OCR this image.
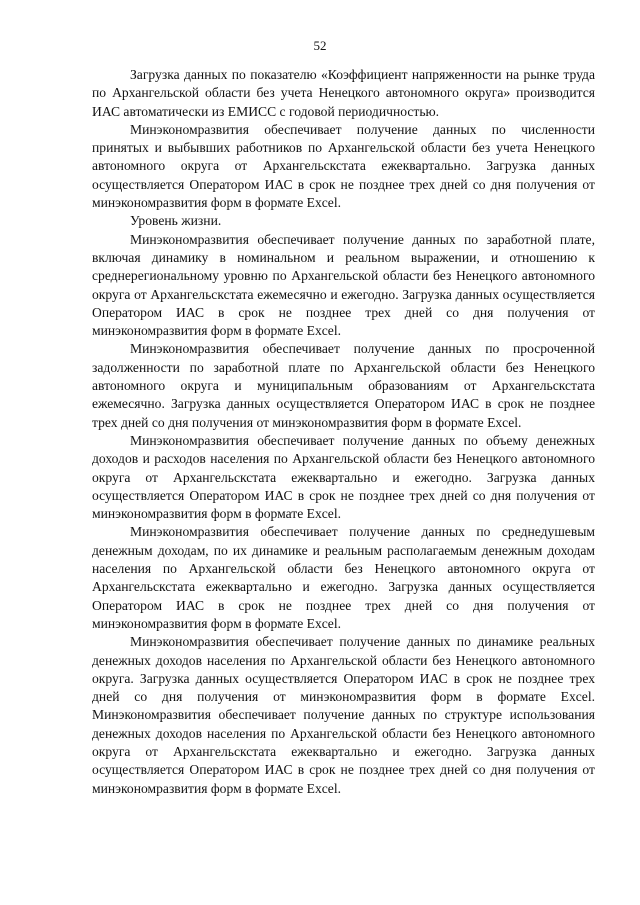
52

Загрузка данных по показателю «Коэффициент напряженности на рынке труда по Архангельской области без учета Ненецкого автономного округа» производится ИАС автоматически из ЕМИСС с годовой периодичностью.

Минэкономразвития обеспечивает получение данных по численности принятых и выбывших работников по Архангельской области без учета Ненецкого автономного округа от Архангельскстата ежеквартально. Загрузка данных осуществляется Оператором ИАС в срок не позднее трех дней со дня получения от минэкономразвития форм в формате Excel.

Уровень жизни.

Минэкономразвития обеспечивает получение данных по заработной плате, включая динамику в номинальном и реальном выражении, и отношению к среднерегиональному уровню по Архангельской области без Ненецкого автономного округа от Архангельскстата ежемесячно и ежегодно. Загрузка данных осуществляется Оператором ИАС в срок не позднее трех дней со дня получения от минэкономразвития форм в формате Excel.

Минэкономразвития обеспечивает получение данных по просроченной задолженности по заработной плате по Архангельской области без Ненецкого автономного округа и муниципальным образованиям от Архангельскстата ежемесячно. Загрузка данных осуществляется Оператором ИАС в срок не позднее трех дней со дня получения от минэкономразвития форм в формате Excel.

Минэкономразвития обеспечивает получение данных по объему денежных доходов и расходов населения по Архангельской области без Ненецкого автономного округа от Архангельскстата ежеквартально и ежегодно. Загрузка данных осуществляется Оператором ИАС в срок не позднее трех дней со дня получения от минэкономразвития форм в формате Excel.

Минэкономразвития обеспечивает получение данных по среднедушевым денежным доходам, по их динамике и реальным располагаемым денежным доходам населения по Архангельской области без Ненецкого автономного округа от Архангельскстата ежеквартально и ежегодно. Загрузка данных осуществляется Оператором ИАС в срок не позднее трех дней со дня получения от минэкономразвития форм в формате Excel.

Минэкономразвития обеспечивает получение данных по динамике реальных денежных доходов населения по Архангельской области без Ненецкого автономного округа. Загрузка данных осуществляется Оператором ИАС в срок не позднее трех дней со дня получения от минэкономразвития форм в формате Excel. Минэкономразвития обеспечивает получение данных по структуре использования денежных доходов населения по Архангельской области без Ненецкого автономного округа от Архангельскстата ежеквартально и ежегодно. Загрузка данных осуществляется Оператором ИАС в срок не позднее трех дней со дня получения от минэкономразвития форм в формате Excel.
